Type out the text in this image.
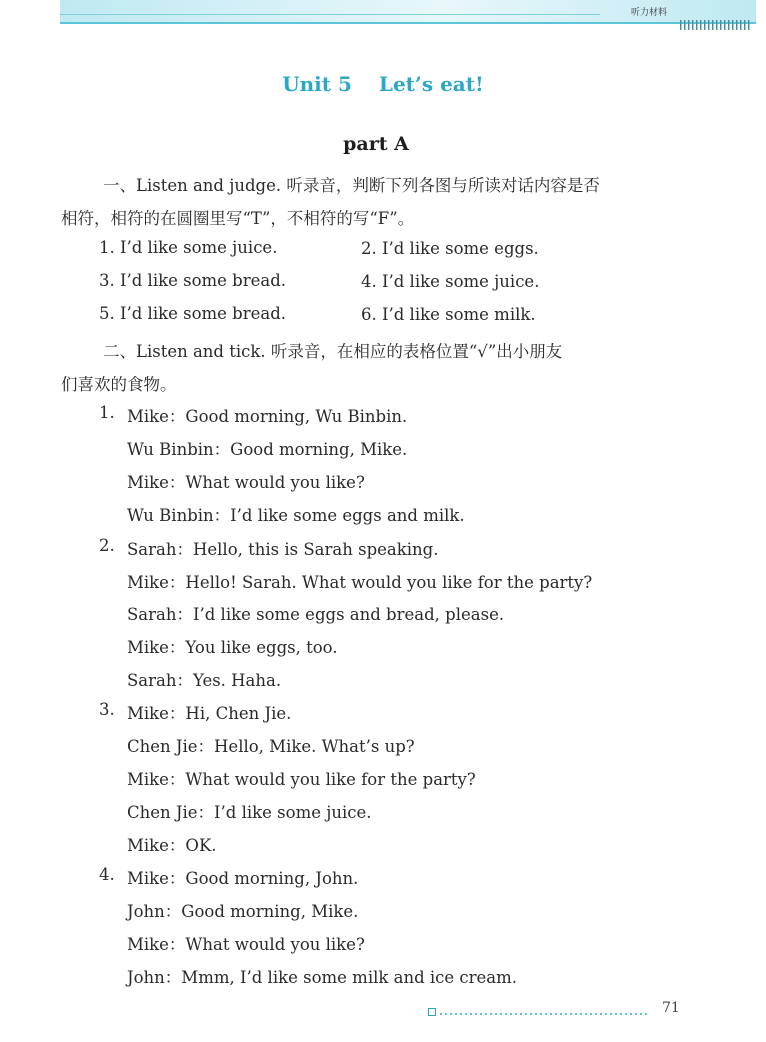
听力材料
Unit 5 Let’s eat!
part A
一、Listen and judge. 听录音，判断下列各图与所读对话内容是否
相符，相符的在圆圈里写“T”，不相符的写“F”。
1. I’d like some juice.	2. I’d like some eggs.
3. I’d like some bread.	4. I’d like some juice.
5. I’d like some bread.	6. I’d like some milk.
二、Listen and tick. 听录音，在相应的表格位置“√”出小朋友
们喜欢的食物。
1. Mike：Good morning, Wu Binbin.
Wu Binbin：Good morning, Mike.
Mike：What would you like?
Wu Binbin：I’d like some eggs and milk.
2. Sarah：Hello, this is Sarah speaking.
Mike：Hello! Sarah. What would you like for the party?
Sarah：I’d like some eggs and bread, please.
Mike：You like eggs, too.
Sarah：Yes. Haha.
3. Mike：Hi, Chen Jie.
Chen Jie：Hello, Mike. What’s up?
Mike：What would you like for the party?
Chen Jie：I’d like some juice.
Mike：OK.
4. Mike：Good morning, John.
John：Good morning, Mike.
Mike：What would you like?
John：Mmm, I’d like some milk and ice cream.
71
